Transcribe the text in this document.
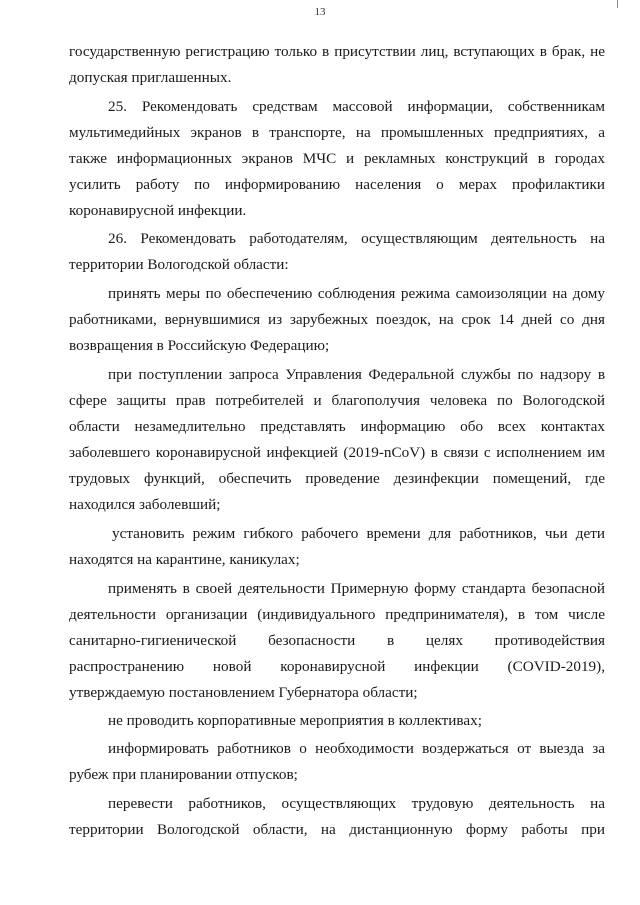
13
государственную регистрацию только в присутствии лиц, вступающих в брак, не
допуская приглашенных.
25. Рекомендовать средствам массовой информации, собственникам
мультимедийных экранов в транспорте, на промышленных предприятиях, а
также информационных экранов МЧС и рекламных конструкций в городах
усилить работу по информированию населения о мерах профилактики
коронавирусной инфекции.
26. Рекомендовать работодателям, осуществляющим деятельность на
территории Вологодской области:
принять меры по обеспечению соблюдения режима самоизоляции на дому
работниками, вернувшимися из зарубежных поездок, на срок 14 дней со дня
возвращения в Российскую Федерацию;
при поступлении запроса Управления Федеральной службы по надзору в
сфере защиты прав потребителей и благополучия человека по Вологодской
области незамедлительно представлять информацию обо всех контактах
заболевшего коронавирусной инфекцией (2019-nCoV) в связи с исполнением им
трудовых функций, обеспечить проведение дезинфекции помещений, где
находился заболевший;
установить режим гибкого рабочего времени для работников, чьи дети
находятся на карантине, каникулах;
применять в своей деятельности Примерную форму стандарта безопасной
деятельности организации (индивидуального предпринимателя), в том числе
санитарно-гигиенической безопасности в целях противодействия
распространению новой коронавирусной инфекции (COVID-2019),
утверждаемую постановлением Губернатора области;
не проводить корпоративные мероприятия в коллективах;
информировать работников о необходимости воздержаться от выезда за
рубеж при планировании отпусков;
перевести работников, осуществляющих трудовую деятельность на
территории Вологодской области, на дистанционную форму работы при
